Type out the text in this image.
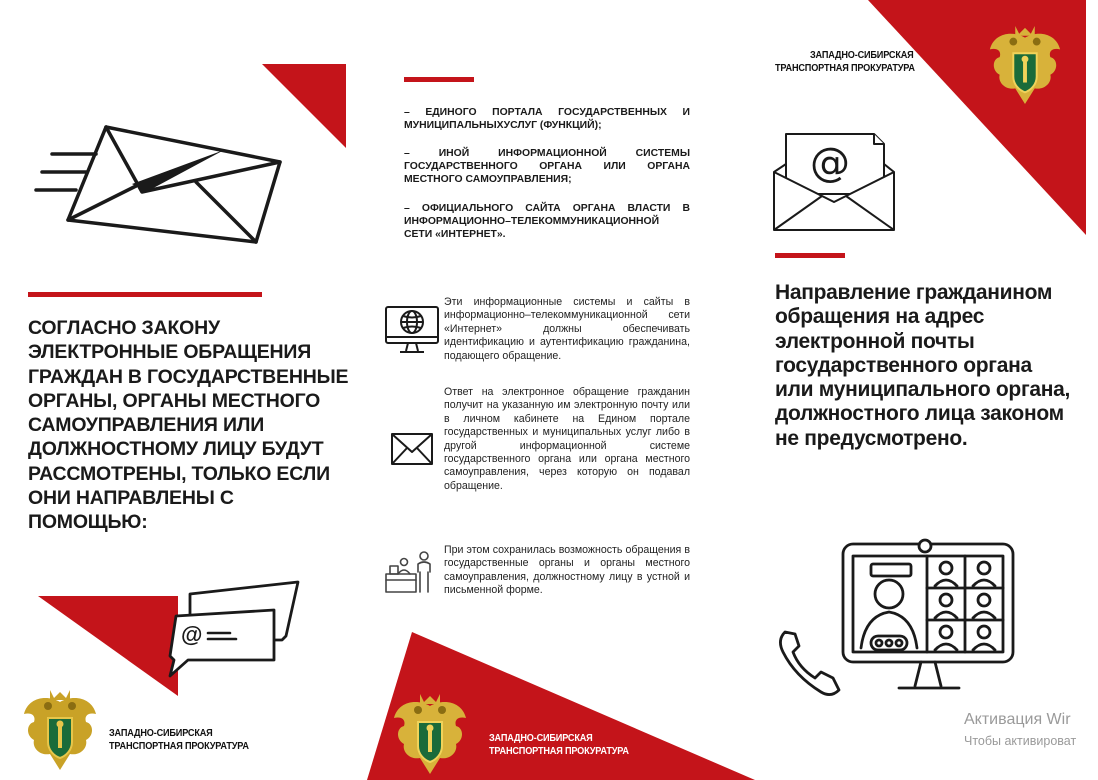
СОГЛАСНО ЗАКОНУ ЭЛЕКТРОННЫЕ ОБРАЩЕНИЯ ГРАЖДАН В ГОСУДАРСТВЕННЫЕ ОРГАНЫ, ОРГАНЫ МЕСТНОГО САМОУПРАВЛЕНИЯ ИЛИ ДОЛЖНОСТНОМУ ЛИЦУ БУДУТ РАССМОТРЕНЫ, ТОЛЬКО ЕСЛИ ОНИ НАПРАВЛЕНЫ С ПОМОЩЬЮ:
@
ЗАПАДНО-СИБИРСКАЯ
ТРАНСПОРТНАЯ ПРОКУРАТУРА
– ЕДИНОГО ПОРТАЛА ГОСУДАРСТВЕННЫХ И МУНИЦИПАЛЬНЫХУСЛУГ (ФУНКЦИЙ);
– ИНОЙ ИНФОРМАЦИОННОЙ СИСТЕМЫ ГОСУДАРСТВЕННОГО ОРГАНА ИЛИ ОРГАНА МЕСТНОГО САМОУПРАВЛЕНИЯ;
– ОФИЦИАЛЬНОГО САЙТА ОРГАНА ВЛАСТИ В ИНФОРМАЦИОННО–ТЕЛЕКОММУНИКАЦИОННОЙ СЕТИ «ИНТЕРНЕТ».
Эти информационные системы и сайты в информационно–телекоммуникационной сети «Интернет» должны обеспечивать идентификацию и аутентификацию гражданина, подающего обращение.
Ответ на электронное обращение гражданин получит на указанную им электронную почту или в личном кабинете на Едином портале государственных и муниципальных услуг либо в другой информационной системе государственного органа или органа местного самоуправления, через которую он подавал обращение.
При этом сохранилась возможность обращения в государственные органы и органы местного самоуправления, должностному лицу в устной и письменной форме.
ЗАПАДНО-СИБИРСКАЯ
ТРАНСПОРТНАЯ ПРОКУРАТУРА
ЗАПАДНО-СИБИРСКАЯ
ТРАНСПОРТНАЯ ПРОКУРАТУРА
@
Направление гражданином обращения на адрес электронной почты государственного органа или муниципального органа, должностного лица законом не предусмотрено.
Активация Wir
Чтобы активироват
